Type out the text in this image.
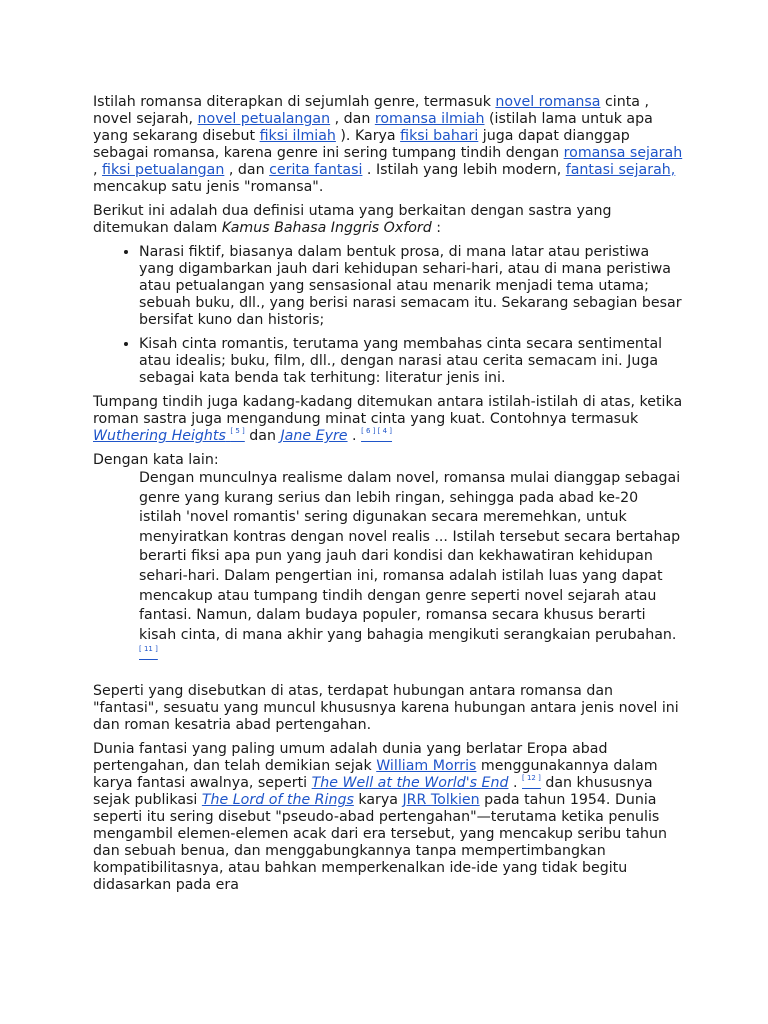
Istilah romansa diterapkan di sejumlah genre, termasuk novel romansa cinta , novel sejarah, novel petualangan , dan romansa ilmiah (istilah lama untuk apa yang sekarang disebut fiksi ilmiah ). Karya fiksi bahari juga dapat dianggap sebagai romansa, karena genre ini sering tumpang tindih dengan romansa sejarah , fiksi petualangan , dan cerita fantasi . Istilah yang lebih modern, fantasi sejarah, mencakup satu jenis "romansa".

Berikut ini adalah dua definisi utama yang berkaitan dengan sastra yang ditemukan dalam Kamus Bahasa Inggris Oxford :

• Narasi fiktif, biasanya dalam bentuk prosa, di mana latar atau peristiwa yang digambarkan jauh dari kehidupan sehari-hari, atau di mana peristiwa atau petualangan yang sensasional atau menarik menjadi tema utama; sebuah buku, dll., yang berisi narasi semacam itu. Sekarang sebagian besar bersifat kuno dan historis;
• Kisah cinta romantis, terutama yang membahas cinta secara sentimental atau idealis; buku, film, dll., dengan narasi atau cerita semacam ini. Juga sebagai kata benda tak terhitung: literatur jenis ini.

Tumpang tindih juga kadang-kadang ditemukan antara istilah-istilah di atas, ketika roman sastra juga mengandung minat cinta yang kuat. Contohnya termasuk Wuthering Heights [ 5 ] dan Jane Eyre . [ 6 ] [ 4 ]

Dengan kata lain:

Dengan munculnya realisme dalam novel, romansa mulai dianggap sebagai genre yang kurang serius dan lebih ringan, sehingga pada abad ke-20 istilah 'novel romantis' sering digunakan secara meremehkan, untuk menyiratkan kontras dengan novel realis ... Istilah tersebut secara bertahap berarti fiksi apa pun yang jauh dari kondisi dan kekhawatiran kehidupan sehari-hari. Dalam pengertian ini, romansa adalah istilah luas yang dapat mencakup atau tumpang tindih dengan genre seperti novel sejarah atau fantasi. Namun, dalam budaya populer, romansa secara khusus berarti kisah cinta, di mana akhir yang bahagia mengikuti serangkaian perubahan. [ 11 ]

Seperti yang disebutkan di atas, terdapat hubungan antara romansa dan "fantasi", sesuatu yang muncul khususnya karena hubungan antara jenis novel ini dan roman kesatria abad pertengahan.

Dunia fantasi yang paling umum adalah dunia yang berlatar Eropa abad pertengahan, dan telah demikian sejak William Morris menggunakannya dalam karya fantasi awalnya, seperti The Well at the World's End . [ 12 ] dan khususnya sejak publikasi The Lord of the Rings karya JRR Tolkien pada tahun 1954. Dunia seperti itu sering disebut "pseudo-abad pertengahan"—terutama ketika penulis mengambil elemen-elemen acak dari era tersebut, yang mencakup seribu tahun dan sebuah benua, dan menggabungkannya tanpa mempertimbangkan kompatibilitasnya, atau bahkan memperkenalkan ide-ide yang tidak begitu didasarkan pada era
